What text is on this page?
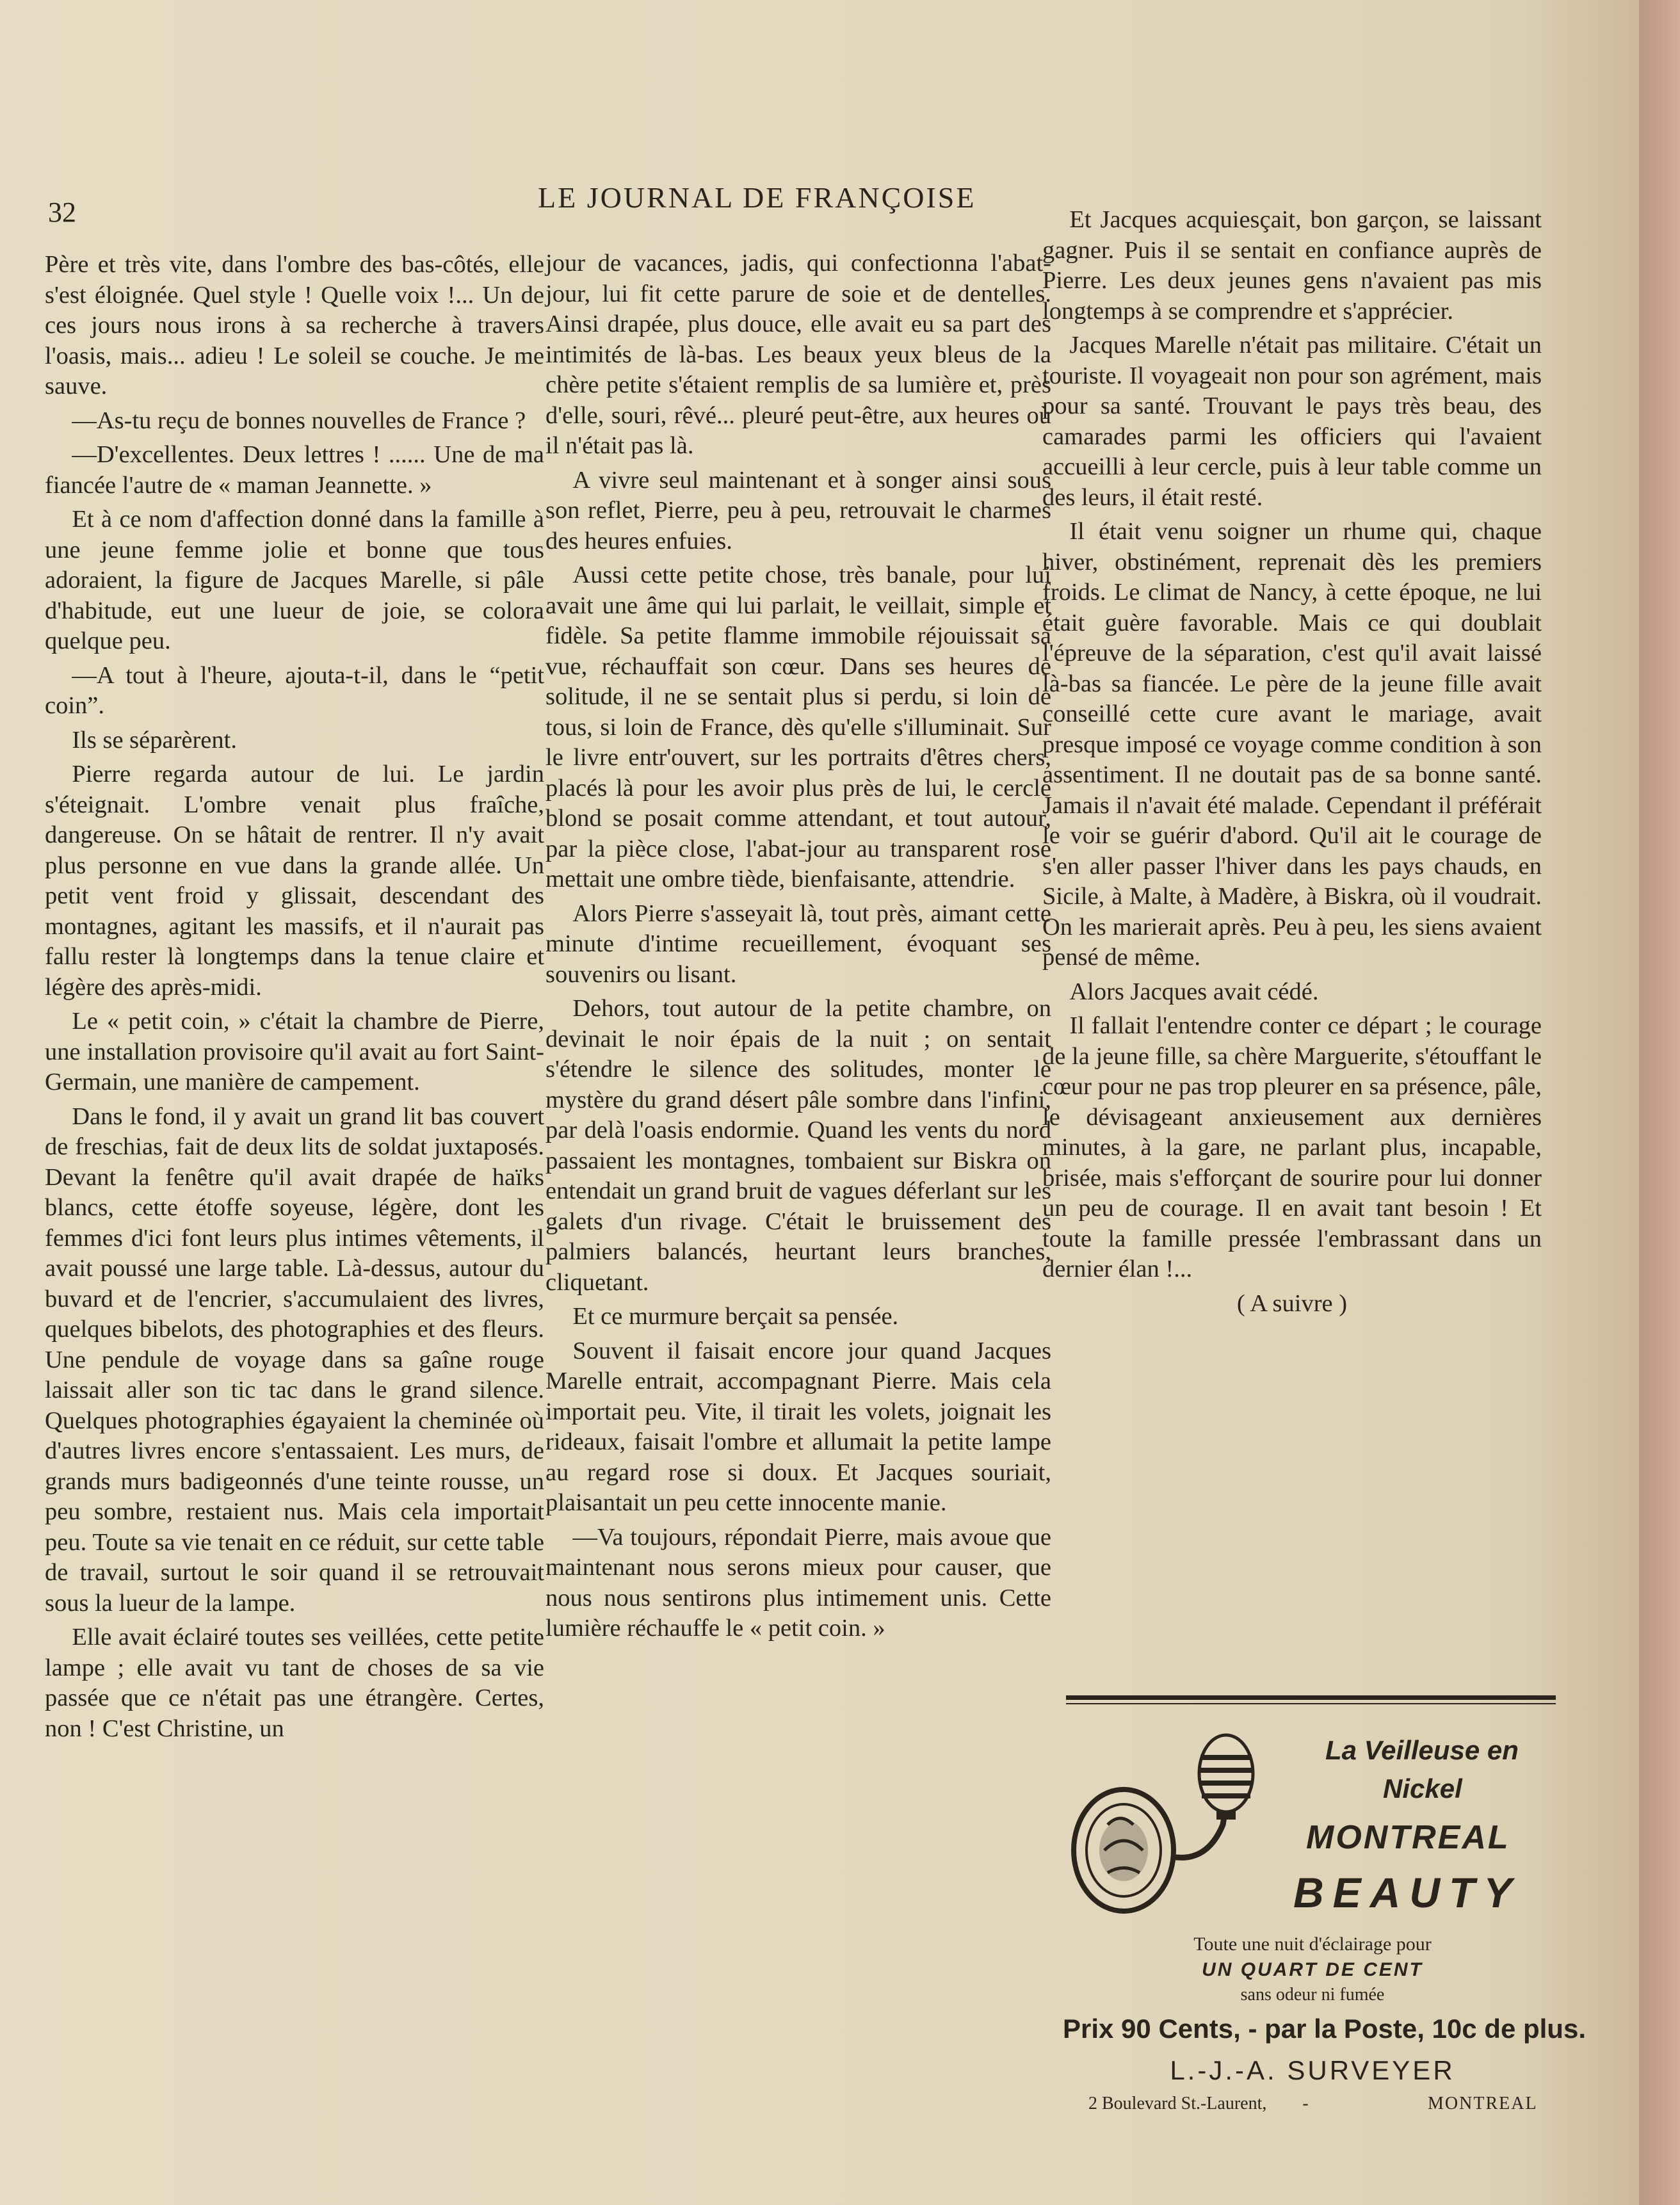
32	LE JOURNAL DE FRANÇOISE

Père et très vite, dans l'ombre des bas-côtés, elle s'est éloignée. Quel style ! Quelle voix !... Un de ces jours nous irons à sa recherche à travers l'oasis, mais... adieu ! Le soleil se couche. Je me sauve.

—As-tu reçu de bonnes nouvelles de France ?

—D'excellentes. Deux lettres ! ...... Une de ma fiancée l'autre de « maman Jeannette. »

Et à ce nom d'affection donné dans la famille à une jeune femme jolie et bonne que tous adoraient, la figure de Jacques Marelle, si pâle d'habitude, eut une lueur de joie, se colora quelque peu.

—A tout à l'heure, ajouta-t-il, dans le “petit coin”.

Ils se séparèrent.

Pierre regarda autour de lui. Le jardin s'éteignait. L'ombre venait plus fraîche, dangereuse. On se hâtait de rentrer. Il n'y avait plus personne en vue dans la grande allée. Un petit vent froid y glissait, descendant des montagnes, agitant les massifs, et il n'aurait pas fallu rester là longtemps dans la tenue claire et légère des après-midi.

Le « petit coin, » c'était la chambre de Pierre, une installation provisoire qu'il avait au fort Saint-Germain, une manière de campement.

Dans le fond, il y avait un grand lit bas couvert de freschias, fait de deux lits de soldat juxtaposés. Devant la fenêtre qu'il avait drapée de haïks blancs, cette étoffe soyeuse, légère, dont les femmes d'ici font leurs plus intimes vêtements, il avait poussé une large table. Là-dessus, autour du buvard et de l'encrier, s'accumulaient des livres, quelques bibelots, des photographies et des fleurs. Une pendule de voyage dans sa gaîne rouge laissait aller son tic tac dans le grand silence. Quelques photographies égayaient la cheminée où d'autres livres encore s'entassaient. Les murs, de grands murs badigeonnés d'une teinte rousse, un peu sombre, restaient nus. Mais cela importait peu. Toute sa vie tenait en ce réduit, sur cette table de travail, surtout le soir quand il se retrouvait sous la lueur de la lampe.

Elle avait éclairé toutes ses veillées, cette petite lampe ; elle avait vu tant de choses de sa vie passée que ce n'était pas une étrangère. Certes, non ! C'est Christine, un

jour de vacances, jadis, qui confectionna l'abat-jour, lui fit cette parure de soie et de dentelles. Ainsi drapée, plus douce, elle avait eu sa part des intimités de là-bas. Les beaux yeux bleus de la chère petite s'étaient remplis de sa lumière et, près d'elle, souri, rêvé... pleuré peut-être, aux heures où il n'était pas là.

A vivre seul maintenant et à songer ainsi sous son reflet, Pierre, peu à peu, retrouvait le charmes des heures enfuies.

Aussi cette petite chose, très banale, pour lui avait une âme qui lui parlait, le veillait, simple et fidèle. Sa petite flamme immobile réjouissait sa vue, réchauffait son cœur. Dans ses heures de solitude, il ne se sentait plus si perdu, si loin de tous, si loin de France, dès qu'elle s'illuminait. Sur le livre entr'ouvert, sur les portraits d'êtres chers, placés là pour les avoir plus près de lui, le cercle blond se posait comme attendant, et tout autour, par la pièce close, l'abat-jour au transparent rose mettait une ombre tiède, bienfaisante, attendrie.

Alors Pierre s'asseyait là, tout près, aimant cette minute d'intime recueillement, évoquant ses souvenirs ou lisant.

Dehors, tout autour de la petite chambre, on devinait le noir épais de la nuit ; on sentait s'étendre le silence des solitudes, monter le mystère du grand désert pâle sombre dans l'infini, par delà l'oasis endormie. Quand les vents du nord passaient les montagnes, tombaient sur Biskra on entendait un grand bruit de vagues déferlant sur les galets d'un rivage. C'était le bruissement des palmiers balancés, heurtant leurs branches, cliquetant.

Et ce murmure berçait sa pensée.

Souvent il faisait encore jour quand Jacques Marelle entrait, accompagnant Pierre. Mais cela importait peu. Vite, il tirait les volets, joignait les rideaux, faisait l'ombre et allumait la petite lampe au regard rose si doux. Et Jacques souriait, plaisantait un peu cette innocente manie.

—Va toujours, répondait Pierre, mais avoue que maintenant nous serons mieux pour causer, que nous nous sentirons plus intimement unis. Cette lumière réchauffe le « petit coin. »

Et Jacques acquiesçait, bon garçon, se laissant gagner. Puis il se sentait en confiance auprès de Pierre. Les deux jeunes gens n'avaient pas mis longtemps à se comprendre et s'apprécier.

Jacques Marelle n'était pas militaire. C'était un touriste. Il voyageait non pour son agrément, mais pour sa santé. Trouvant le pays très beau, des camarades parmi les officiers qui l'avaient accueilli à leur cercle, puis à leur table comme un des leurs, il était resté.

Il était venu soigner un rhume qui, chaque hiver, obstinément, reprenait dès les premiers froids. Le climat de Nancy, à cette époque, ne lui était guère favorable. Mais ce qui doublait l'épreuve de la séparation, c'est qu'il avait laissé là-bas sa fiancée. Le père de la jeune fille avait conseillé cette cure avant le mariage, avait presque imposé ce voyage comme condition à son assentiment. Il ne doutait pas de sa bonne santé. Jamais il n'avait été malade. Cependant il préférait le voir se guérir d'abord. Qu'il ait le courage de s'en aller passer l'hiver dans les pays chauds, en Sicile, à Malte, à Madère, à Biskra, où il voudrait. On les marierait après. Peu à peu, les siens avaient pensé de même.

Alors Jacques avait cédé.

Il fallait l'entendre conter ce départ ; le courage de la jeune fille, sa chère Marguerite, s'étouffant le cœur pour ne pas trop pleurer en sa présence, pâle, le dévisageant anxieusement aux dernières minutes, à la gare, ne parlant plus, incapable, brisée, mais s'efforçant de sourire pour lui donner un peu de courage. Il en avait tant besoin ! Et toute la famille pressée l'embrassant dans un dernier élan !...

( A suivre )

La Veilleuse en
Nickel
MONTREAL
BEAUTY
Toute une nuit d'éclairage pour
UN QUART DE CENT
sans odeur ni fumée
Prix 90 Cents, - par la Poste, 10c de plus.
L.-J.-A. SURVEYER
2 Boulevard St.-Laurent, -	MONTREAL
